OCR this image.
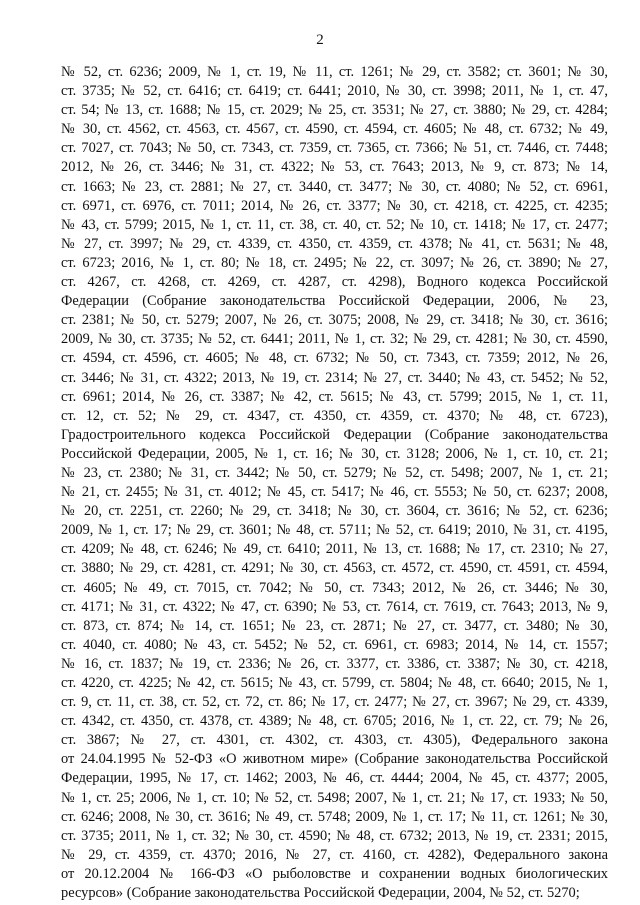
2
№ 52, ст. 6236; 2009, № 1, ст. 19, № 11, ст. 1261; № 29, ст. 3582; ст. 3601; № 30,
ст. 3735; № 52, ст. 6416; ст. 6419; ст. 6441; 2010, № 30, ст. 3998; 2011, № 1, ст. 47,
ст. 54; № 13, ст. 1688; № 15, ст. 2029; № 25, ст. 3531; № 27, ст. 3880; № 29, ст. 4284;
№ 30, ст. 4562, ст. 4563, ст. 4567, ст. 4590, ст. 4594, ст. 4605; № 48, ст. 6732; № 49,
ст. 7027, ст. 7043; № 50, ст. 7343, ст. 7359, ст. 7365, ст. 7366; № 51, ст. 7446, ст. 7448;
2012, № 26, ст. 3446; № 31, ст. 4322; № 53, ст. 7643; 2013, № 9, ст. 873; № 14,
ст. 1663; № 23, ст. 2881; № 27, ст. 3440, ст. 3477; № 30, ст. 4080; № 52, ст. 6961,
ст. 6971, ст. 6976, ст. 7011; 2014, № 26, ст. 3377; № 30, ст. 4218, ст. 4225, ст. 4235;
№ 43, ст. 5799; 2015, № 1, ст. 11, ст. 38, ст. 40, ст. 52; № 10, ст. 1418; № 17, ст. 2477;
№ 27, ст. 3997; № 29, ст. 4339, ст. 4350, ст. 4359, ст. 4378; № 41, ст. 5631; № 48,
ст. 6723; 2016, № 1, ст. 80; № 18, ст. 2495; № 22, ст. 3097; № 26, ст. 3890; № 27,
ст. 4267, ст. 4268, ст. 4269, ст. 4287, ст. 4298), Водного кодекса Российской
Федерации (Собрание законодательства Российской Федерации, 2006, № 23,
ст. 2381; № 50, ст. 5279; 2007, № 26, ст. 3075; 2008, № 29, ст. 3418; № 30, ст. 3616;
2009, № 30, ст. 3735; № 52, ст. 6441; 2011, № 1, ст. 32; № 29, ст. 4281; № 30, ст. 4590,
ст. 4594, ст. 4596, ст. 4605; № 48, ст. 6732; № 50, ст. 7343, ст. 7359; 2012, № 26,
ст. 3446; № 31, ст. 4322; 2013, № 19, ст. 2314; № 27, ст. 3440; № 43, ст. 5452; № 52,
ст. 6961; 2014, № 26, ст. 3387; № 42, ст. 5615; № 43, ст. 5799; 2015, № 1, ст. 11,
ст. 12, ст. 52; № 29, ст. 4347, ст. 4350, ст. 4359, ст. 4370; № 48, ст. 6723),
Градостроительного кодекса Российской Федерации (Собрание законодательства
Российской Федерации, 2005, № 1, ст. 16; № 30, ст. 3128; 2006, № 1, ст. 10, ст. 21;
№ 23, ст. 2380; № 31, ст. 3442; № 50, ст. 5279; № 52, ст. 5498; 2007, № 1, ст. 21;
№ 21, ст. 2455; № 31, ст. 4012; № 45, ст. 5417; № 46, ст. 5553; № 50, ст. 6237; 2008,
№ 20, ст. 2251, ст. 2260; № 29, ст. 3418; № 30, ст. 3604, ст. 3616; № 52, ст. 6236;
2009, № 1, ст. 17; № 29, ст. 3601; № 48, ст. 5711; № 52, ст. 6419; 2010, № 31, ст. 4195,
ст. 4209; № 48, ст. 6246; № 49, ст. 6410; 2011, № 13, ст. 1688; № 17, ст. 2310; № 27,
ст. 3880; № 29, ст. 4281, ст. 4291; № 30, ст. 4563, ст. 4572, ст. 4590, ст. 4591, ст. 4594,
ст. 4605; № 49, ст. 7015, ст. 7042; № 50, ст. 7343; 2012, № 26, ст. 3446; № 30,
ст. 4171; № 31, ст. 4322; № 47, ст. 6390; № 53, ст. 7614, ст. 7619, ст. 7643; 2013, № 9,
ст. 873, ст. 874; № 14, ст. 1651; № 23, ст. 2871; № 27, ст. 3477, ст. 3480; № 30,
ст. 4040, ст. 4080; № 43, ст. 5452; № 52, ст. 6961, ст. 6983; 2014, № 14, ст. 1557;
№ 16, ст. 1837; № 19, ст. 2336; № 26, ст. 3377, ст. 3386, ст. 3387; № 30, ст. 4218,
ст. 4220, ст. 4225; № 42, ст. 5615; № 43, ст. 5799, ст. 5804; № 48, ст. 6640; 2015, № 1,
ст. 9, ст. 11, ст. 38, ст. 52, ст. 72, ст. 86; № 17, ст. 2477; № 27, ст. 3967; № 29, ст. 4339,
ст. 4342, ст. 4350, ст. 4378, ст. 4389; № 48, ст. 6705; 2016, № 1, ст. 22, ст. 79; № 26,
ст. 3867; № 27, ст. 4301, ст. 4302, ст. 4303, ст. 4305), Федерального закона
от 24.04.1995 № 52-ФЗ «О животном мире» (Собрание законодательства Российской
Федерации, 1995, № 17, ст. 1462; 2003, № 46, ст. 4444; 2004, № 45, ст. 4377; 2005,
№ 1, ст. 25; 2006, № 1, ст. 10; № 52, ст. 5498; 2007, № 1, ст. 21; № 17, ст. 1933; № 50,
ст. 6246; 2008, № 30, ст. 3616; № 49, ст. 5748; 2009, № 1, ст. 17; № 11, ст. 1261; № 30,
ст. 3735; 2011, № 1, ст. 32; № 30, ст. 4590; № 48, ст. 6732; 2013, № 19, ст. 2331; 2015,
№ 29, ст. 4359, ст. 4370; 2016, № 27, ст. 4160, ст. 4282), Федерального закона
от 20.12.2004 № 166-ФЗ «О рыболовстве и сохранении водных биологических
ресурсов» (Собрание законодательства Российской Федерации, 2004, № 52, ст. 5270;
